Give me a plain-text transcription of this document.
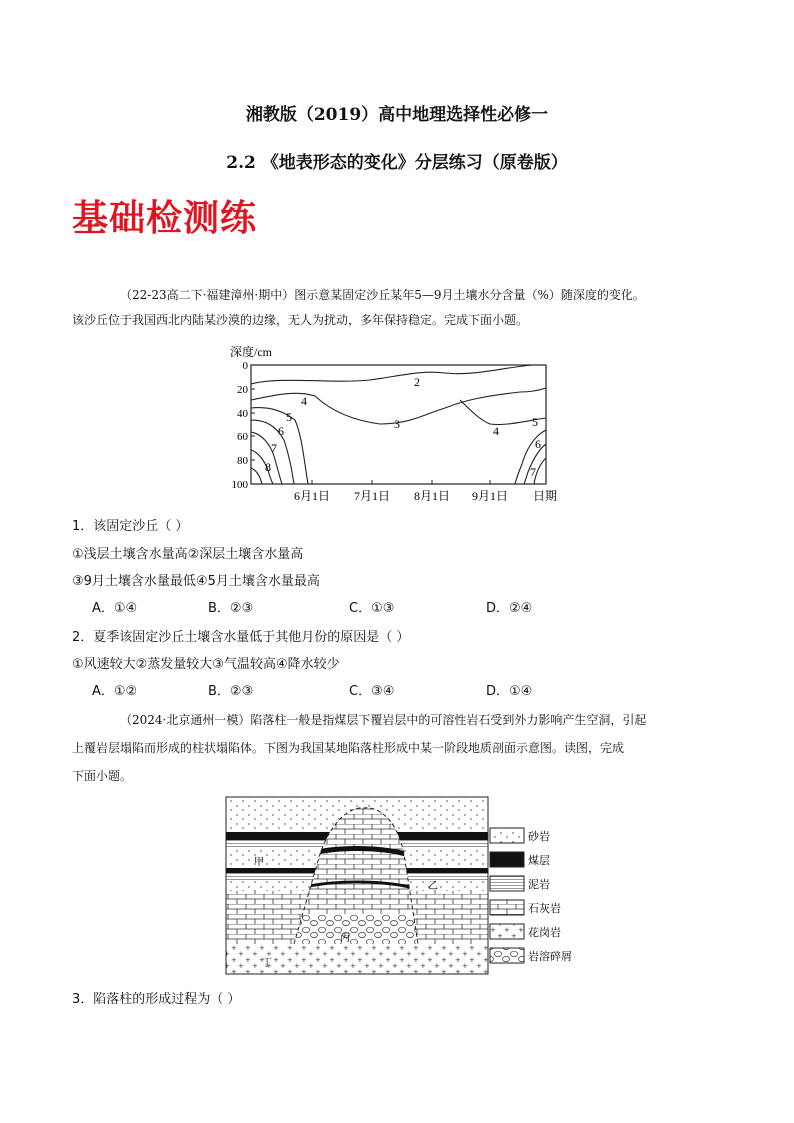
湘教版（2019）高中地理选择性必修一
2.2 《地表形态的变化》分层练习（原卷版）
基础检测练
（22-23高二下·福建漳州·期中）图示意某固定沙丘某年5—9月土壤水分含量（%）随深度的变化。
该沙丘位于我国西北内陆某沙漠的边缘，无人为扰动，多年保持稳定。完成下面小题。
深度/cm
0
20
40
60
80
100
6月1日 7月1日 8月1日 9月1日 日期
2
3
4
5
6
7
8
4
5
6
7
1．该固定沙丘（ ）
①浅层土壤含水量高②深层土壤含水量高
③9月土壤含水量最低④5月土壤含水量最高
A．①④	B．②③	C．①③	D．②④
2．夏季该固定沙丘土壤含水量低于其他月份的原因是（ ）
①风速较大②蒸发量较大③气温较高④降水较少
A．①②	B．②③	C．③④	D．①④
（2024·北京通州一模）陷落柱一般是指煤层下覆岩层中的可溶性岩石受到外力影响产生空洞，引起
上覆岩层塌陷而形成的柱状塌陷体。下图为我国某地陷落柱形成中某一阶段地质剖面示意图。读图，完成
下面小题。
甲
乙
丙
丁
砂岩
煤层
泥岩
石灰岩
花岗岩
岩溶碎屑
3．陷落柱的形成过程为（ ）
